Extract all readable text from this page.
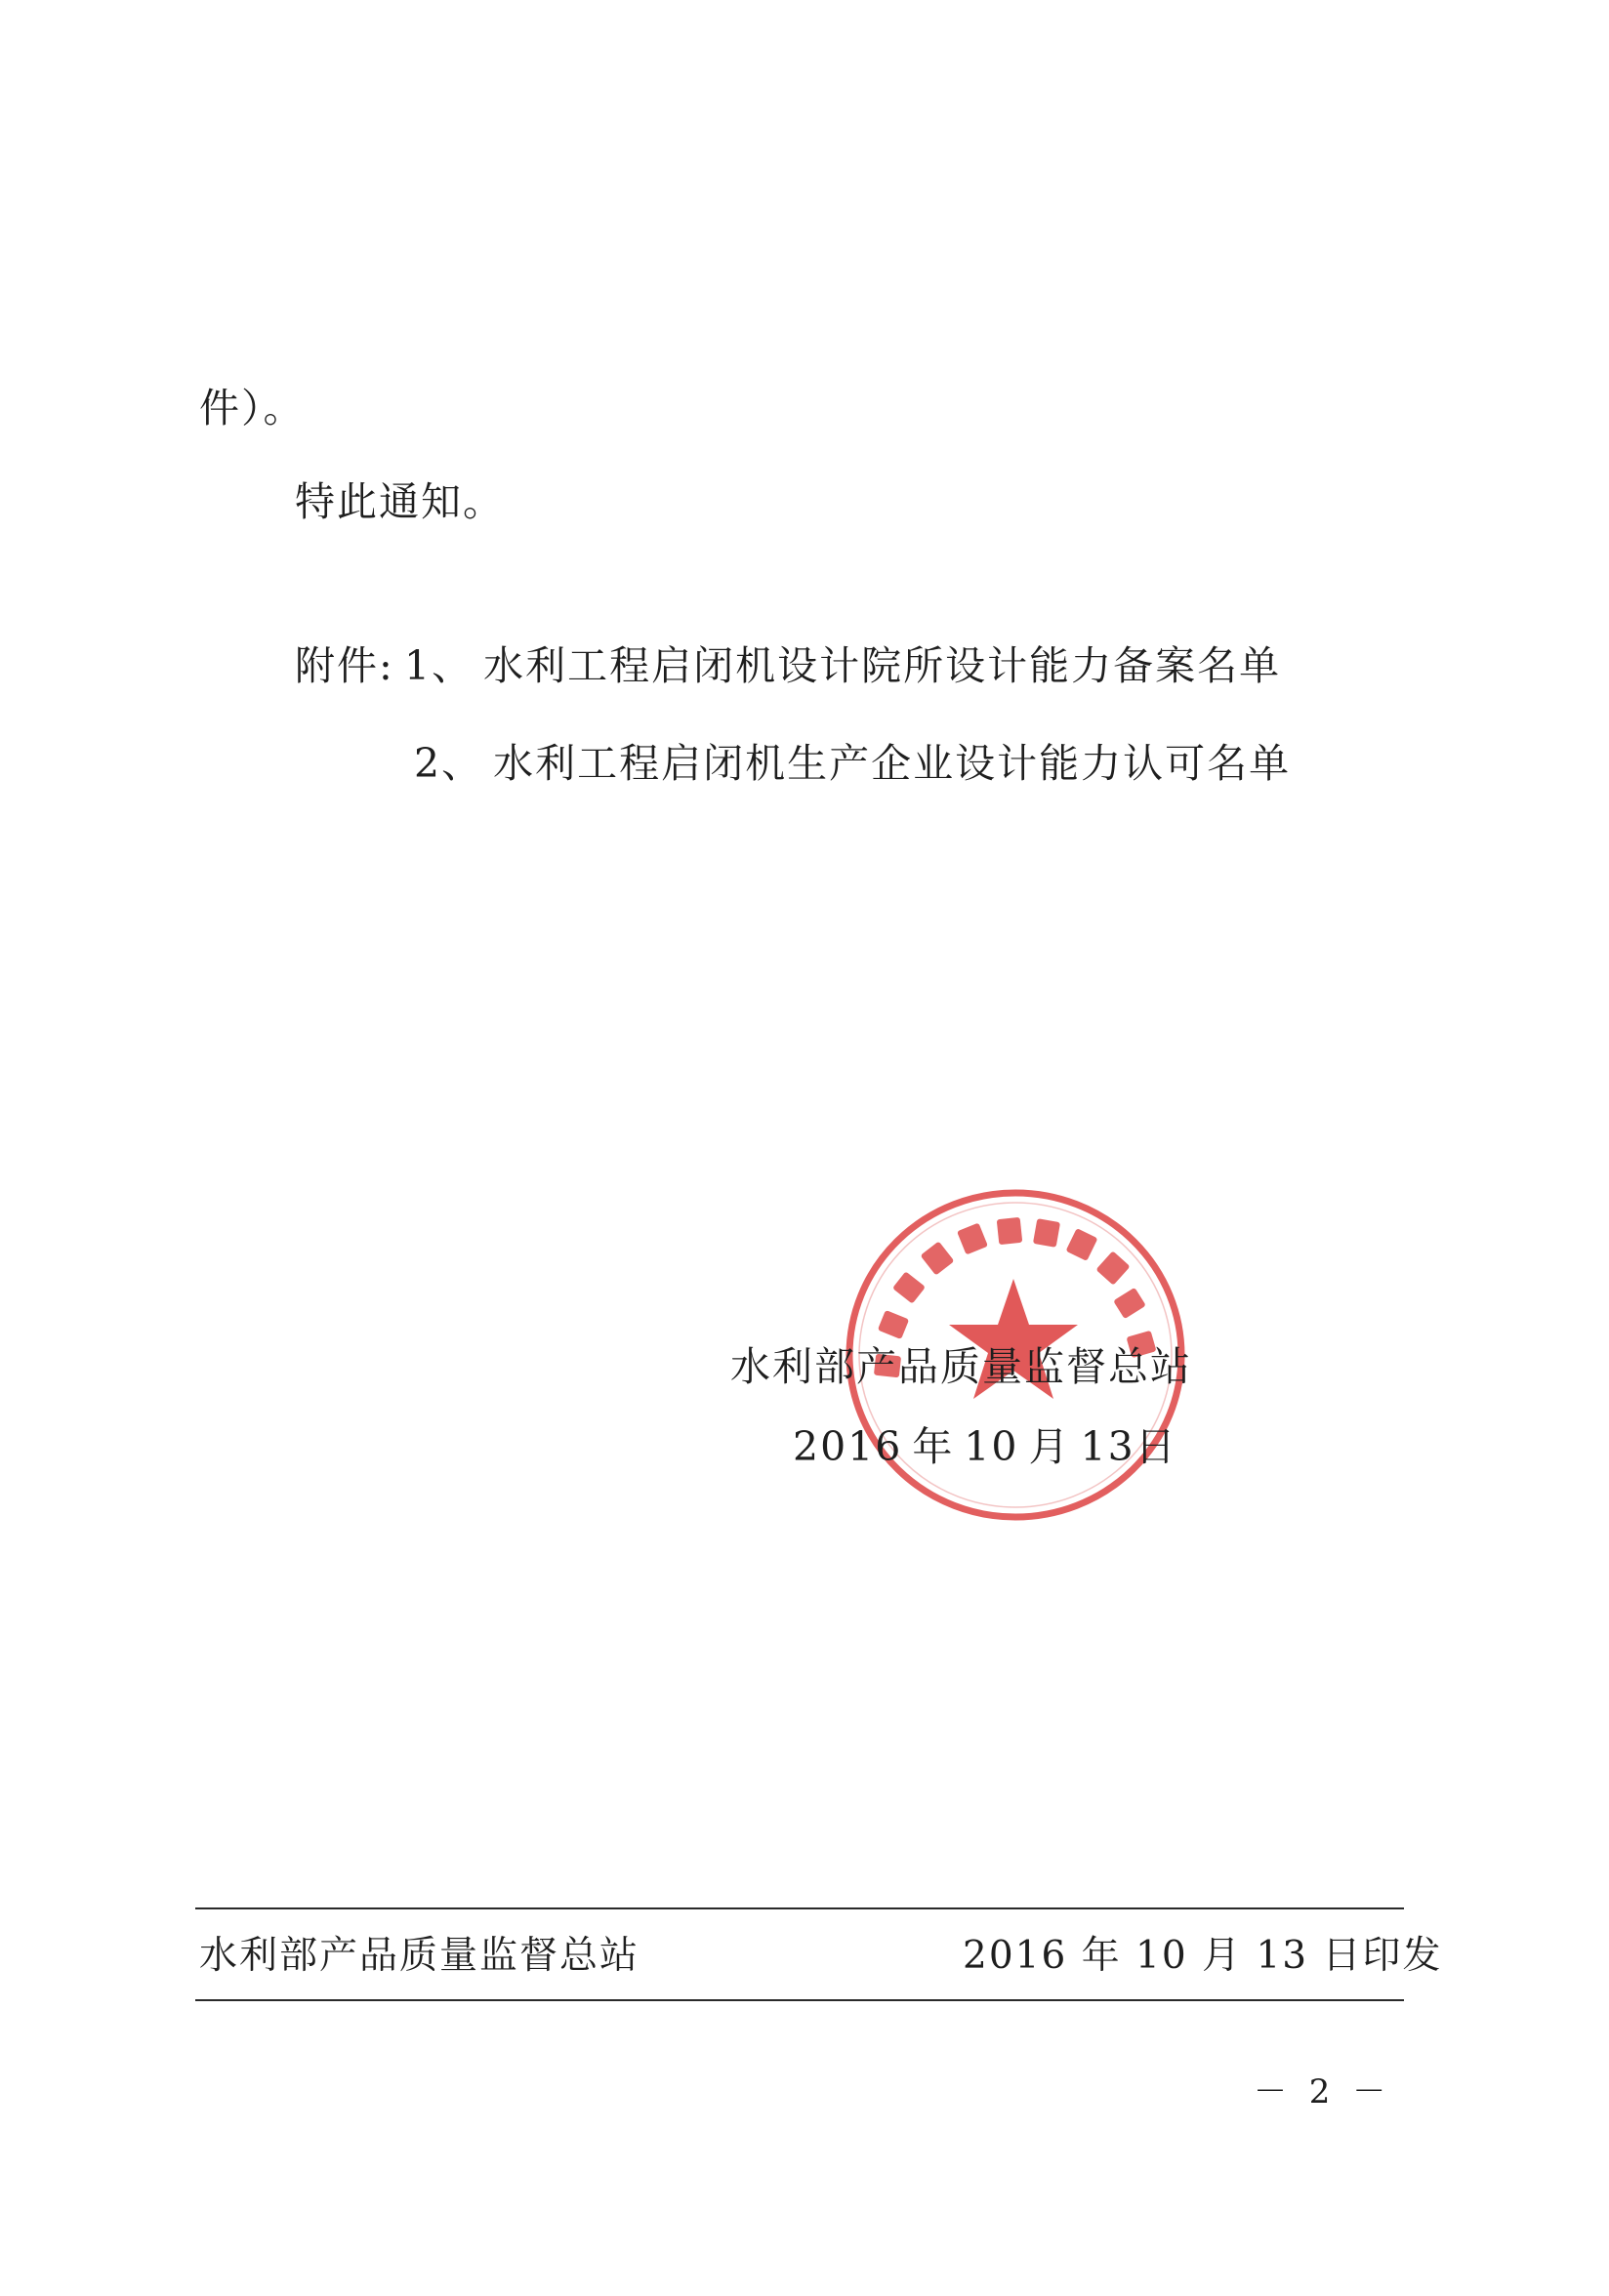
件）。
特此通知。
附件: 1、 水利工程启闭机设计院所设计能力备案名单
2、 水利工程启闭机生产企业设计能力认可名单
水利部产品质量监督总站
2016 年 10 月 13日
水利部产品质量监督总站	2016 年 10 月 13 日印发
－ 2 －
